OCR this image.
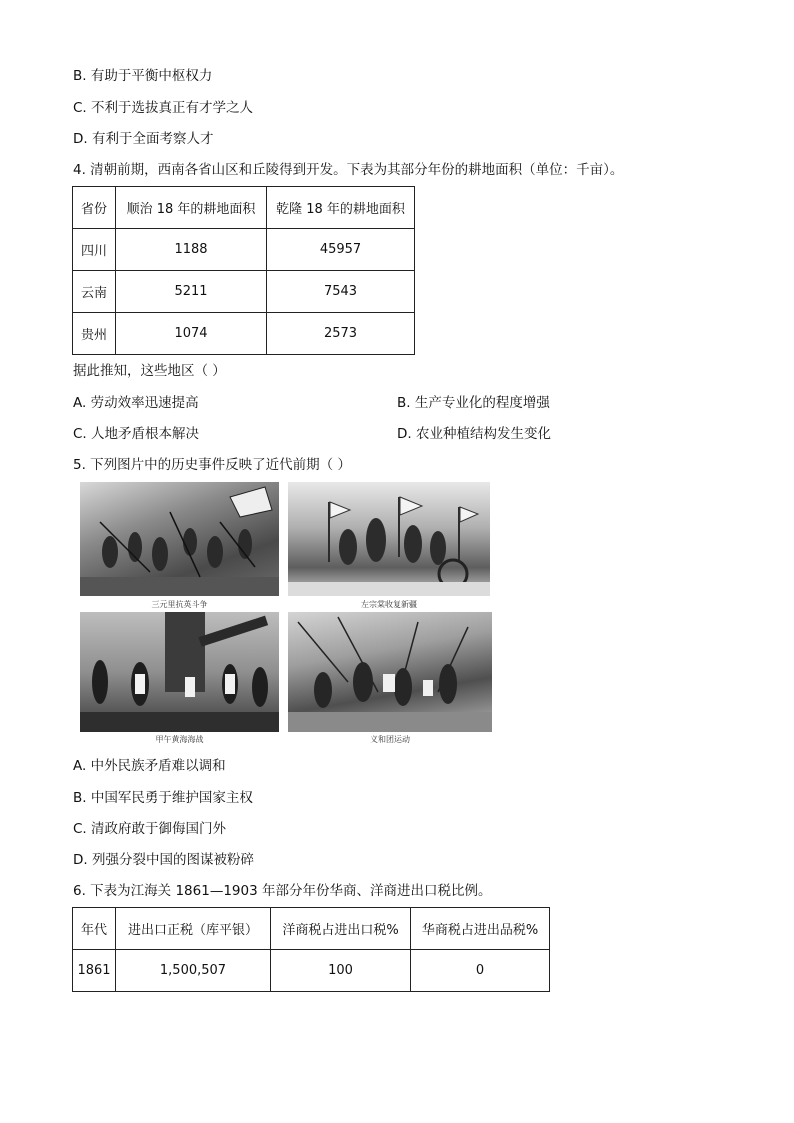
B. 有助于平衡中枢权力
C. 不利于选拔真正有才学之人
D. 有利于全面考察人才
4. 清朝前期，西南各省山区和丘陵得到开发。下表为其部分年份的耕地面积（单位：千亩）。
省份	顺治 18 年的耕地面积	乾隆 18 年的耕地面积
四川	1188	45957
云南	5211	7543
贵州	1074	2573
据此推知，这些地区（ ）
A. 劳动效率迅速提高	B. 生产专业化的程度增强
C. 人地矛盾根本解决	D. 农业种植结构发生变化
5. 下列图片中的历史事件反映了近代前期（ ）
三元里抗英斗争	左宗棠收复新疆
甲午黄海海战	义和团运动
A. 中外民族矛盾难以调和
B. 中国军民勇于维护国家主权
C. 清政府敢于御侮国门外
D. 列强分裂中国的图谋被粉碎
6. 下表为江海关 1861—1903 年部分年份华商、洋商进出口税比例。
年代	进出口正税（库平银）	洋商税占进出口税%	华商税占进出品税%
1861	1,500,507	100	0
